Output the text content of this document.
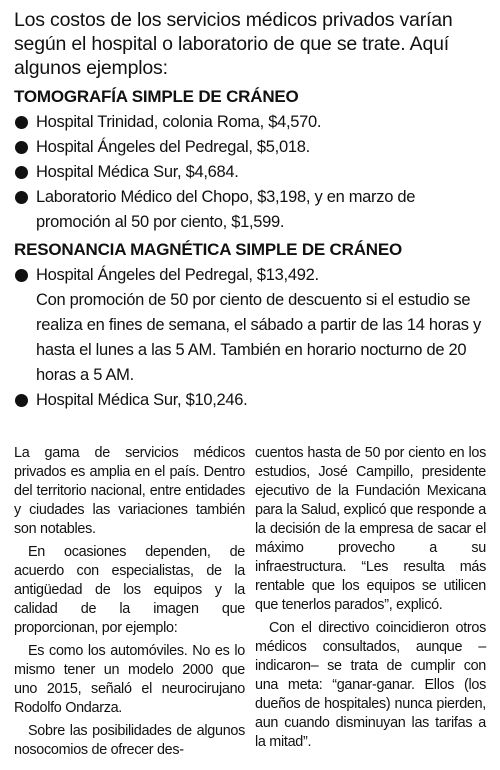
Los costos de los servicios médicos privados varían según el hospital o laboratorio de que se trate. Aquí algunos ejemplos:

TOMOGRAFÍA SIMPLE DE CRÁNEO
Hospital Trinidad, colonia Roma, $4,570.
Hospital Ángeles del Pedregal, $5,018.
Hospital Médica Sur, $4,684.
Laboratorio Médico del Chopo, $3,198, y en marzo de promoción al 50 por ciento, $1,599.
RESONANCIA MAGNÉTICA SIMPLE DE CRÁNEO
Hospital Ángeles del Pedregal, $13,492.

Con promoción de 50 por ciento de descuento si el estudio se realiza en fines de semana, el sábado a partir de las 14 horas y hasta el lunes a las 5 AM. También en horario nocturno de 20 horas a 5 AM.

Hospital Médica Sur, $10,246.

La gama de servicios médicos privados es amplia en el país. Dentro del territorio nacional, entre entidades y ciudades las variaciones también son notables.

En ocasiones dependen, de acuerdo con especialistas, de la antigüedad de los equipos y la calidad de la imagen que proporcionan, por ejemplo:

Es como los automóviles. No es lo mismo tener un modelo 2000 que uno 2015, señaló el neurocirujano Rodolfo Ondarza.

Sobre las posibilidades de algunos nosocomios de ofrecer des-

cuentos hasta de 50 por ciento en los estudios, José Campillo, presidente ejecutivo de la Fundación Mexicana para la Salud, explicó que responde a la decisión de la empresa de sacar el máximo provecho a su infraestructura. “Les resulta más rentable que los equipos se utilicen que tenerlos parados”, explicó.

Con el directivo coincidieron otros médicos consultados, aunque –indicaron– se trata de cumplir con una meta: “ganar-ganar. Ellos (los dueños de hospitales) nunca pierden, aun cuando disminuyan las tarifas a la mitad”.
